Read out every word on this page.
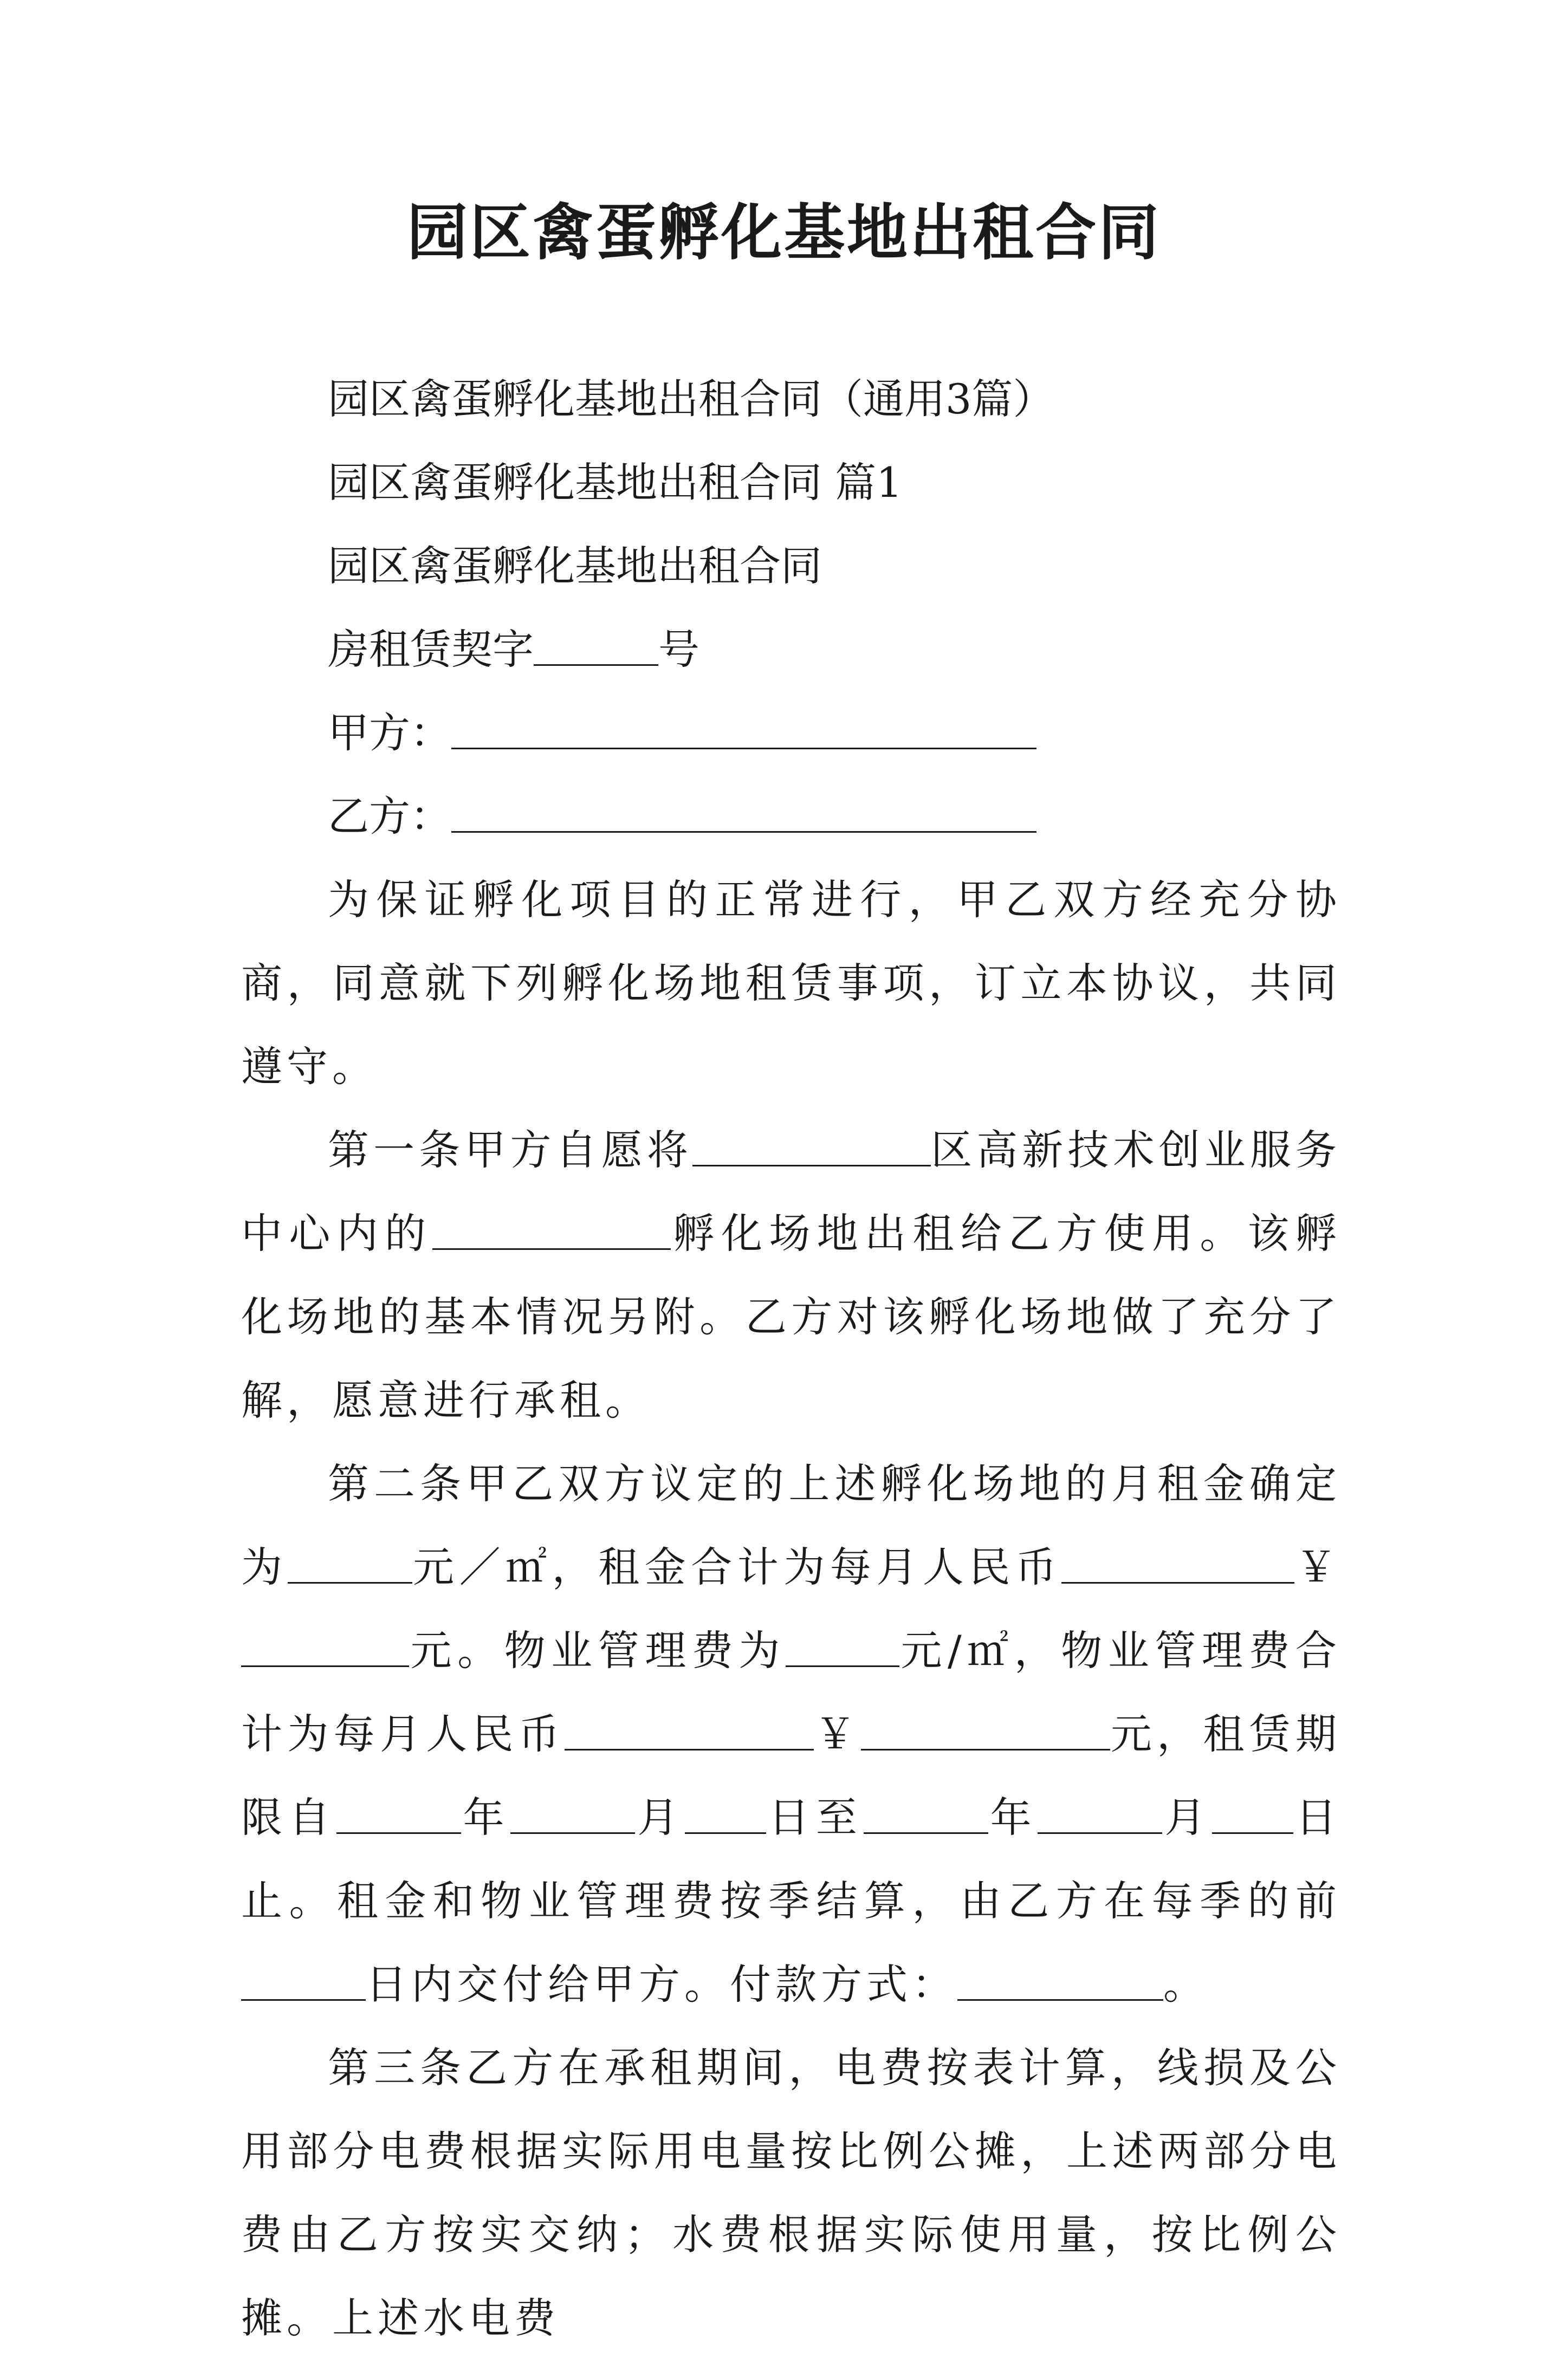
园区禽蛋孵化基地出租合同
园区禽蛋孵化基地出租合同（通用3篇）
园区禽蛋孵化基地出租合同 篇1
园区禽蛋孵化基地出租合同
房租赁契字	号
甲方：
乙方：

为保证孵化项目的正常进行，甲乙双方经充分协商，同意就下列孵化场地租赁事项，订立本协议，共同遵守。

第一条甲方自愿将	区高新技术创业服务中心内的	孵化场地出租给乙方使用。该孵化场地的基本情况另附。乙方对该孵化场地做了充分了解，愿意进行承租。

第二条甲乙双方议定的上述孵化场地的月租金确定为	元／㎡，租金合计为每月人民币	￥元。物业管理费为	元/㎡，物业管理费合计为每月人民币	￥	元，租赁期限自	年	月 日至	年	月 日止。租金和物业管理费按季结算，由乙方在每季的前日内交付给甲方。付款方式：	。

第三条乙方在承租期间，电费按表计算，线损及公用部分电费根据实际用电量按比例公摊，上述两部分电费由乙方按实交纳；水费根据实际使用量，按比例公摊。上述水电费
